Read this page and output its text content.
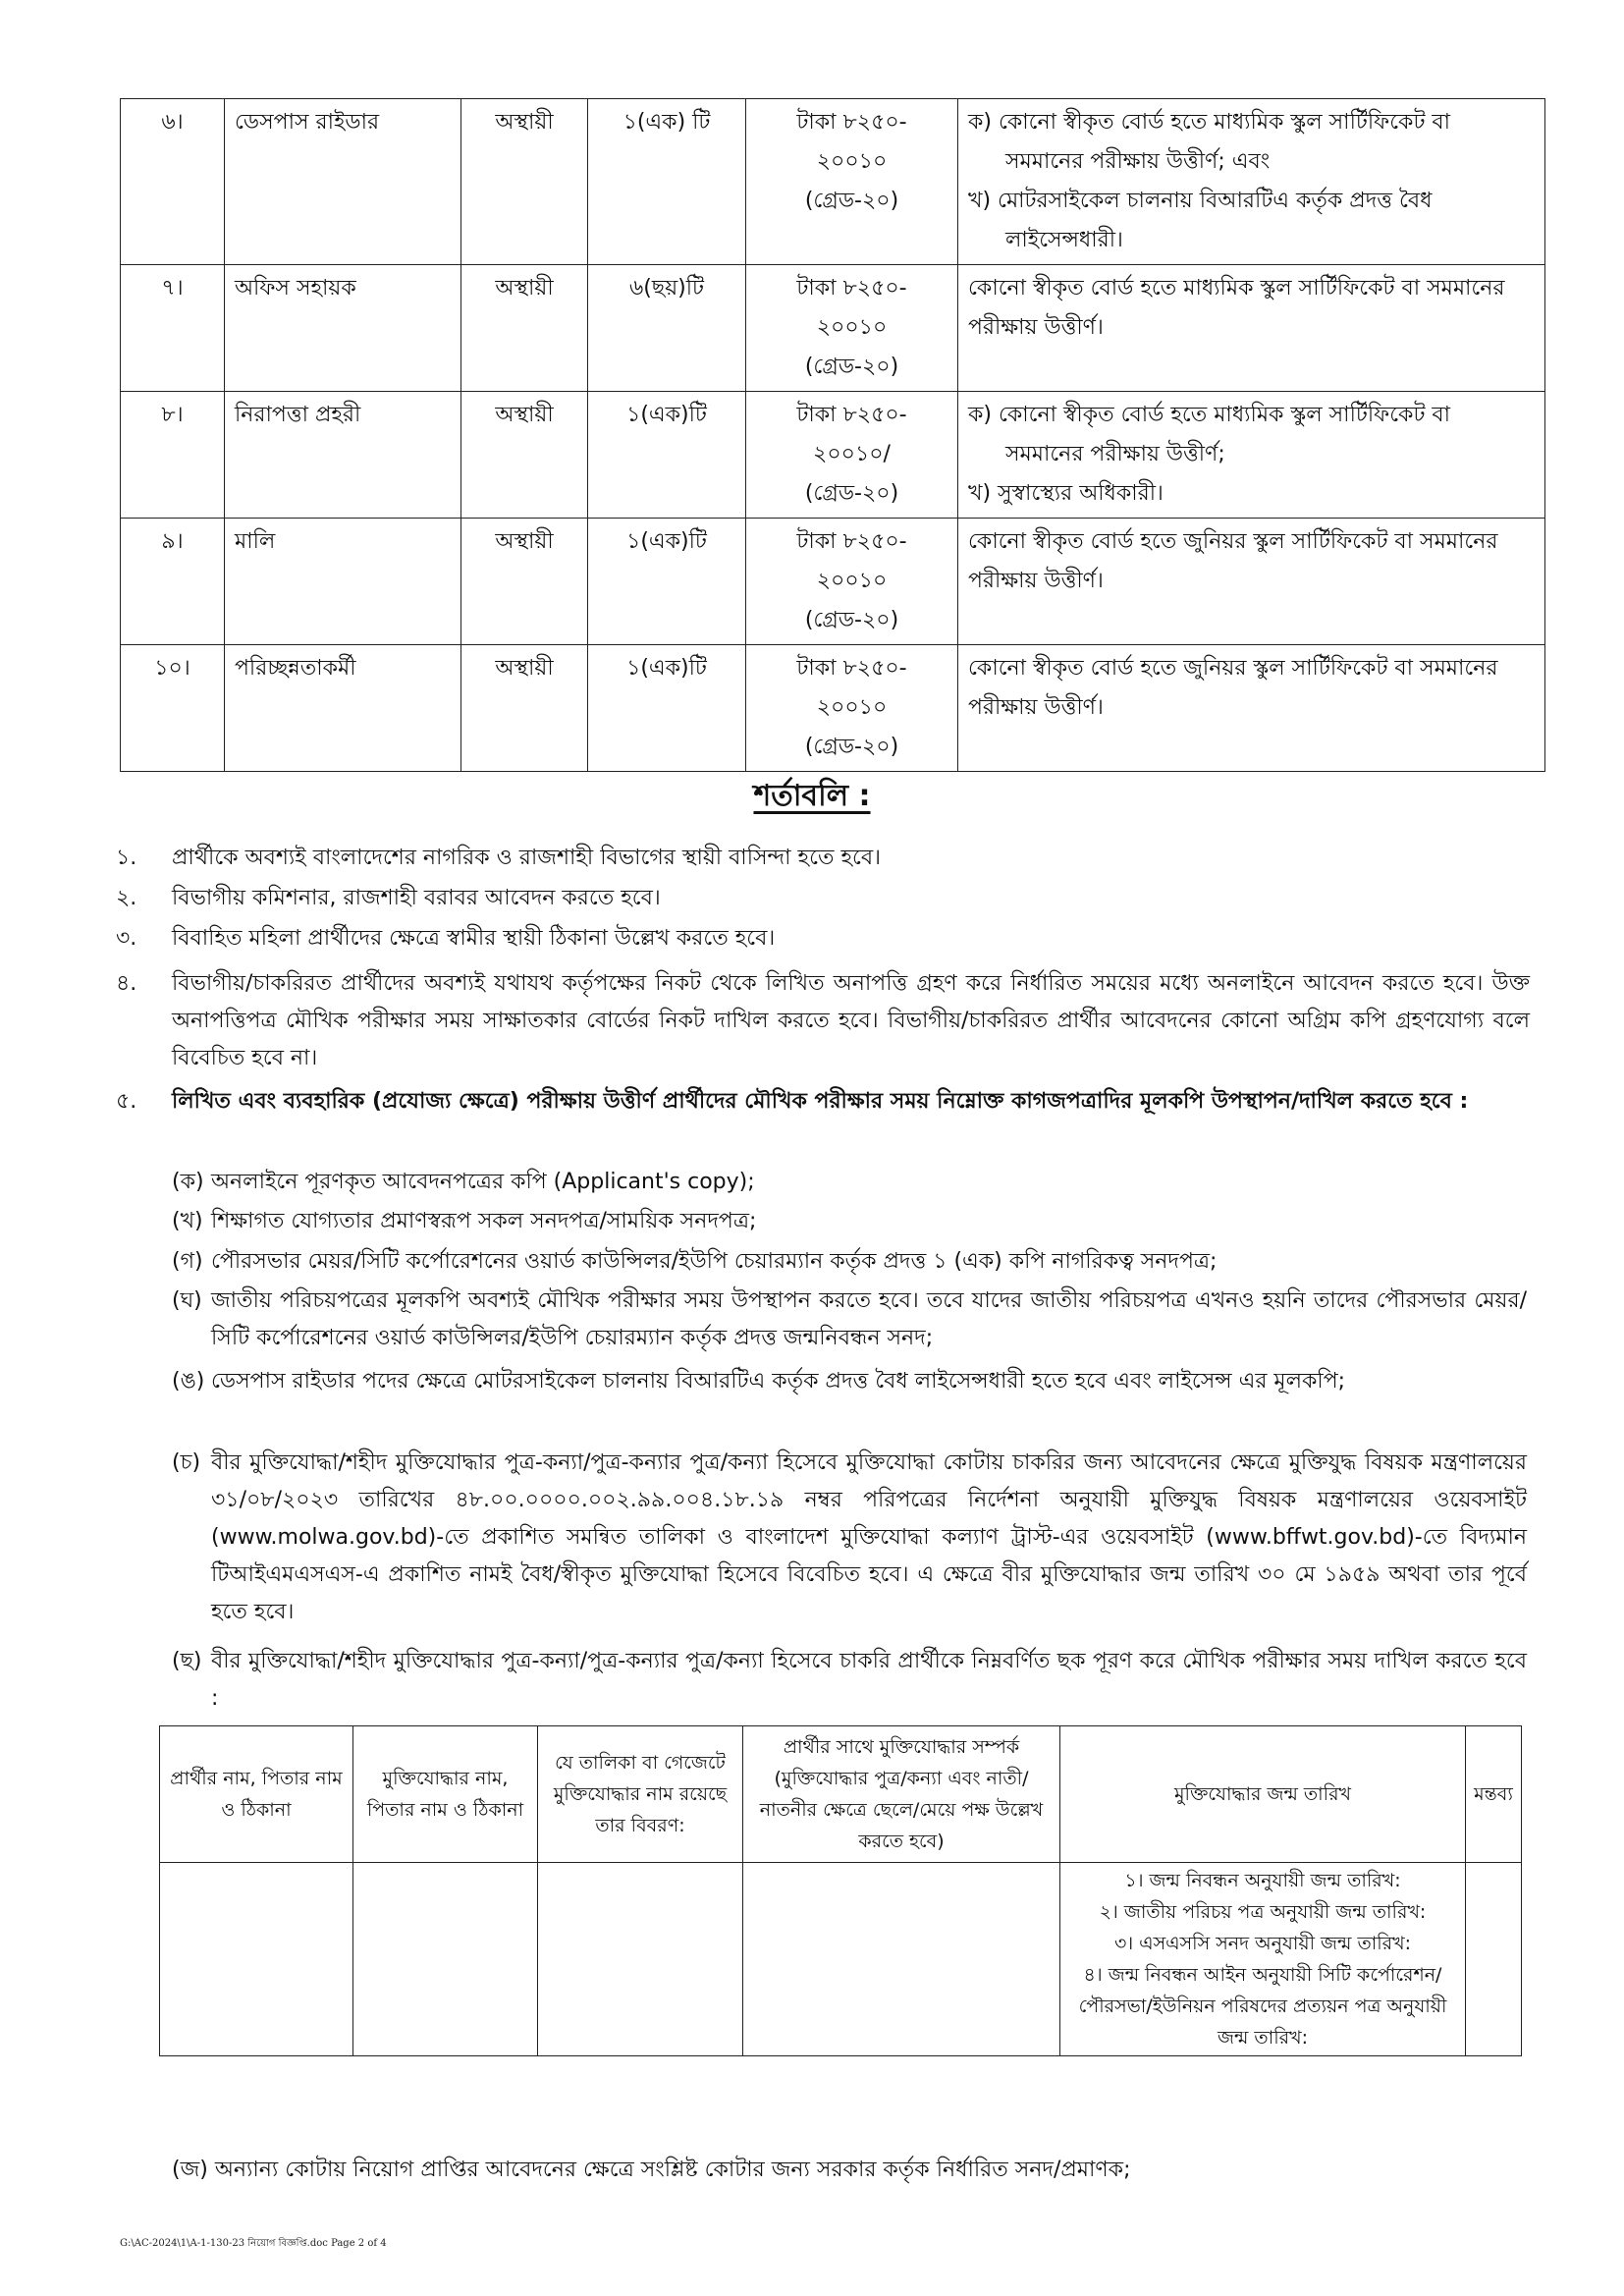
৬।	ডেসপাস রাইডার	অস্থায়ী	১(এক) টি	টাকা ৮২৫০-
২০০১০
(গ্রেড-২০)	ক) কোনো স্বীকৃত বোর্ড হতে মাধ্যমিক স্কুল সার্টিফিকেট বা
সমমানের পরীক্ষায় উত্তীর্ণ; এবং
খ) মোটরসাইকেল চালনায় বিআরটিএ কর্তৃক প্রদত্ত বৈধ
লাইসেন্সধারী।

৭।	অফিস সহায়ক	অস্থায়ী	৬(ছয়)টি	টাকা ৮২৫০-
২০০১০
(গ্রেড-২০)	কোনো স্বীকৃত বোর্ড হতে মাধ্যমিক স্কুল সার্টিফিকেট বা সমমানের
পরীক্ষায় উত্তীর্ণ।

৮।	নিরাপত্তা প্রহরী	অস্থায়ী	১(এক)টি	টাকা ৮২৫০-
২০০১০/
(গ্রেড-২০)	ক) কোনো স্বীকৃত বোর্ড হতে মাধ্যমিক স্কুল সার্টিফিকেট বা
সমমানের পরীক্ষায় উত্তীর্ণ;
খ) সুস্বাস্থ্যের অধিকারী।

৯।	মালি	অস্থায়ী	১(এক)টি	টাকা ৮২৫০-
২০০১০
(গ্রেড-২০)	কোনো স্বীকৃত বোর্ড হতে জুনিয়র স্কুল সার্টিফিকেট বা সমমানের
পরীক্ষায় উত্তীর্ণ।

১০।	পরিচ্ছন্নতাকর্মী	অস্থায়ী	১(এক)টি	টাকা ৮২৫০-
২০০১০
(গ্রেড-২০)	কোনো স্বীকৃত বোর্ড হতে জুনিয়র স্কুল সার্টিফিকেট বা সমমানের
পরীক্ষায় উত্তীর্ণ।
শর্তাবলি :
১.	প্রার্থীকে অবশ্যই বাংলাদেশের নাগরিক ও রাজশাহী বিভাগের স্থায়ী বাসিন্দা হতে হবে।
২.	বিভাগীয় কমিশনার, রাজশাহী বরাবর আবেদন করতে হবে।
৩.	বিবাহিত মহিলা প্রার্থীদের ক্ষেত্রে স্বামীর স্থায়ী ঠিকানা উল্লেখ করতে হবে।
৪.	বিভাগীয়/চাকরিরত প্রার্থীদের অবশ্যই যথাযথ কর্তৃপক্ষের নিকট থেকে লিখিত অনাপত্তি গ্রহণ করে নির্ধারিত সময়ের মধ্যে অনলাইনে আবেদন করতে হবে। উক্ত অনাপত্তিপত্র মৌখিক পরীক্ষার সময় সাক্ষাতকার বোর্ডের নিকট দাখিল করতে হবে। বিভাগীয়/চাকরিরত প্রার্থীর আবেদনের কোনো অগ্রিম কপি গ্রহণযোগ্য বলে বিবেচিত হবে না।
৫.	লিখিত এবং ব্যবহারিক (প্রযোজ্য ক্ষেত্রে) পরীক্ষায় উত্তীর্ণ প্রার্থীদের মৌখিক পরীক্ষার সময় নিম্নোক্ত কাগজপত্রাদির মূলকপি উপস্থাপন/দাখিল করতে হবে :
(ক) অনলাইনে পূরণকৃত আবেদনপত্রের কপি (Applicant's copy);
(খ) শিক্ষাগত যোগ্যতার প্রমাণস্বরূপ সকল সনদপত্র/সাময়িক সনদপত্র;
(গ) পৌরসভার মেয়র/সিটি কর্পোরেশনের ওয়ার্ড কাউন্সিলর/ইউপি চেয়ারম্যান কর্তৃক প্রদত্ত ১ (এক) কপি নাগরিকত্ব সনদপত্র;
(ঘ) জাতীয় পরিচয়পত্রের মূলকপি অবশ্যই মৌখিক পরীক্ষার সময় উপস্থাপন করতে হবে। তবে যাদের জাতীয় পরিচয়পত্র এখনও হয়নি তাদের পৌরসভার মেয়র/সিটি কর্পোরেশনের ওয়ার্ড কাউন্সিলর/ইউপি চেয়ারম্যান কর্তৃক প্রদত্ত জন্মনিবন্ধন সনদ;
(ঙ) ডেসপাস রাইডার পদের ক্ষেত্রে মোটরসাইকেল চালনায় বিআরটিএ কর্তৃক প্রদত্ত বৈধ লাইসেন্সধারী হতে হবে এবং লাইসেন্স এর মূলকপি;
(চ) বীর মুক্তিযোদ্ধা/শহীদ মুক্তিযোদ্ধার পুত্র-কন্যা/পুত্র-কন্যার পুত্র/কন্যা হিসেবে মুক্তিযোদ্ধা কোটায় চাকরির জন্য আবেদনের ক্ষেত্রে মুক্তিযুদ্ধ বিষয়ক মন্ত্রণালয়ের ৩১/০৮/২০২৩ তারিখের ৪৮.০০.০০০০.০০২.৯৯.০০৪.১৮.১৯ নম্বর পরিপত্রের নির্দেশনা অনুযায়ী মুক্তিযুদ্ধ বিষয়ক মন্ত্রণালয়ের ওয়েবসাইট (www.molwa.gov.bd)-তে প্রকাশিত সমন্বিত তালিকা ও বাংলাদেশ মুক্তিযোদ্ধা কল্যাণ ট্রাস্ট-এর ওয়েবসাইট (www.bffwt.gov.bd)-তে বিদ্যমান টিআইএমএসএস-এ প্রকাশিত নামই বৈধ/স্বীকৃত মুক্তিযোদ্ধা হিসেবে বিবেচিত হবে। এ ক্ষেত্রে বীর মুক্তিযোদ্ধার জন্ম তারিখ ৩০ মে ১৯৫৯ অথবা তার পূর্বে হতে হবে।
(ছ) বীর মুক্তিযোদ্ধা/শহীদ মুক্তিযোদ্ধার পুত্র-কন্যা/পুত্র-কন্যার পুত্র/কন্যা হিসেবে চাকরি প্রার্থীকে নিম্নবর্ণিত ছক পূরণ করে মৌখিক পরীক্ষার সময় দাখিল করতে হবে :
প্রার্থীর নাম, পিতার নাম ও ঠিকানা	মুক্তিযোদ্ধার নাম, পিতার নাম ও ঠিকানা	যে তালিকা বা গেজেটে মুক্তিযোদ্ধার নাম রয়েছে তার বিবরণ:	প্রার্থীর সাথে মুক্তিযোদ্ধার সম্পর্ক (মুক্তিযোদ্ধার পুত্র/কন্যা এবং নাতী/নাতনীর ক্ষেত্রে ছেলে/মেয়ে পক্ষ উল্লেখ করতে হবে)	মুক্তিযোদ্ধার জন্ম তারিখ	মন্তব্য

				১। জন্ম নিবন্ধন অনুযায়ী জন্ম তারিখ:
২। জাতীয় পরিচয় পত্র অনুযায়ী জন্ম তারিখ:
৩। এসএসসি সনদ অনুযায়ী জন্ম তারিখ:
৪। জন্ম নিবন্ধন আইন অনুযায়ী সিটি কর্পোরেশন/পৌরসভা/ইউনিয়ন পরিষদের প্রত্যয়ন পত্র অনুযায়ী জন্ম তারিখ:	

(জ) অন্যান্য কোটায় নিয়োগ প্রাপ্তির আবেদনের ক্ষেত্রে সংশ্লিষ্ট কোটার জন্য সরকার কর্তৃক নির্ধারিত সনদ/প্রমাণক;
G:\AC-2024\1\A-1-130-23 নিয়োগ বিজ্ঞপ্তি.doc Page 2 of 4
